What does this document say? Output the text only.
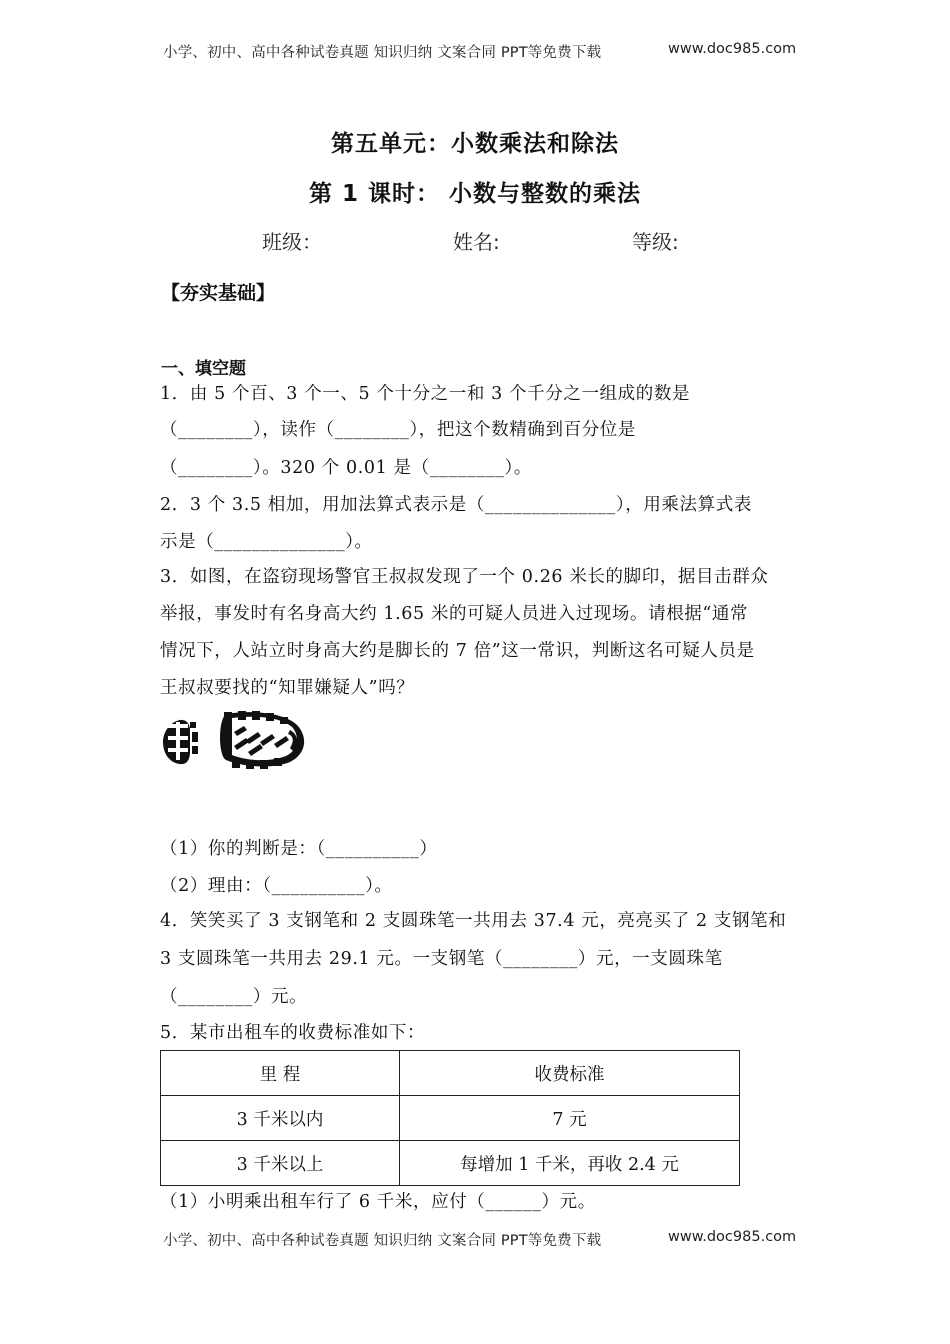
小学、初中、高中各种试卷真题 知识归纳 文案合同 PPT等免费下载	www.doc985.com
第五单元：小数乘法和除法
第 1 课时： 小数与整数的乘法
班级：	姓名:	等级:
【夯实基础】
一、填空题
1．由 5 个百、3 个一、5 个十分之一和 3 个千分之一组成的数是
（________），读作（________），把这个数精确到百分位是
（________）。320 个 0.01 是（________）。
2．3 个 3.5 相加，用加法算式表示是（______________），用乘法算式表
示是（______________）。
3．如图，在盗窃现场警官王叔叔发现了一个 0.26 米长的脚印，据目击群众
举报，事发时有名身高大约 1.65 米的可疑人员进入过现场。请根据“通常
情况下，人站立时身高大约是脚长的 7 倍”这一常识，判断这名可疑人员是
王叔叔要找的“知罪嫌疑人”吗？
（1）你的判断是：（__________）
（2）理由：（__________）。
4．笑笑买了 3 支钢笔和 2 支圆珠笔一共用去 37.4 元，亮亮买了 2 支钢笔和
3 支圆珠笔一共用去 29.1 元。一支钢笔（________）元，一支圆珠笔
（________）元。
5．某市出租车的收费标准如下：
里 程	收费标准
3 千米以内	7 元
3 千米以上	每增加 1 千米，再收 2.4 元
（1）小明乘出租车行了 6 千米，应付（______）元。
小学、初中、高中各种试卷真题 知识归纳 文案合同 PPT等免费下载	www.doc985.com
